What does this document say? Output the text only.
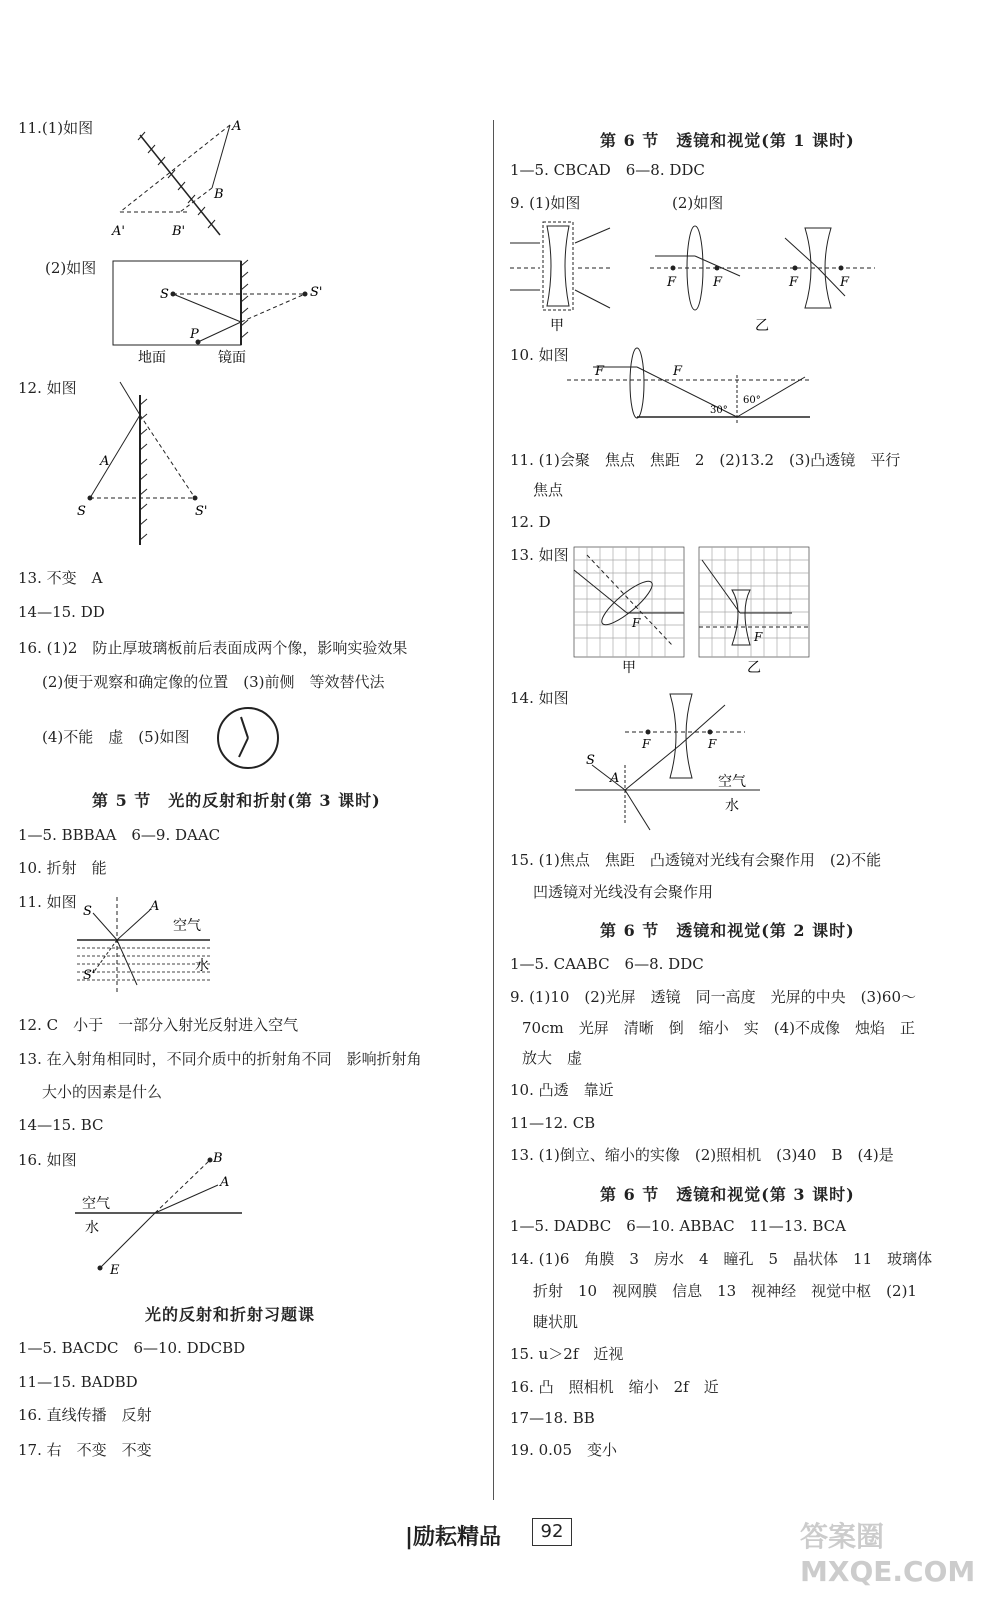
11.(1)如图	A
B
A'	B'
(2)如图
S	S'
P
地面	镜面
12. 如图
A
S	S'
13. 不变　A
14—15. DD
16. (1)2　防止厚玻璃板前后表面成两个像，影响实验效果
(2)便于观察和确定像的位置　(3)前侧　等效替代法
(4)不能　虚　(5)如图
第 5 节　光的反射和折射(第 3 课时)
1—5. BBBAA　6—9. DAAC
10. 折射　能
11. 如图
S	A
S'
空气
水
12. C　小于　一部分入射光反射进入空气
13. 在入射角相同时，不同介质中的折射角不同　影响折射角
大小的因素是什么
14—15. BC
16. 如图	B
A
E
空气
水
光的反射和折射习题课
1—5. BACDC　6—10. DDCBD
11—15. BADBD
16. 直线传播　反射
17. 右　不变　不变
第 6 节　透镜和视觉(第 1 课时)
1—5. CBCAD　6—8. DDC
9. (1)如图	(2)如图
甲
F	F	F	F
乙
10. 如图
F	F
30°
60°
11. (1)会聚　焦点　焦距　2　(2)13.2　(3)凸透镜　平行
焦点
12. D
13. 如图
F
甲
F
乙
14. 如图
F	F
S
A	空气
水
15. (1)焦点　焦距　凸透镜对光线有会聚作用　(2)不能
凹透镜对光线没有会聚作用
第 6 节　透镜和视觉(第 2 课时)
1—5. CAABC　6—8. DDC
9. (1)10　(2)光屏　透镜　同一高度　光屏的中央　(3)60～
70cm　光屏　清晰　倒　缩小　实　(4)不成像　烛焰　正
放大　虚
10. 凸透　靠近
11—12. CB
13. (1)倒立、缩小的实像　(2)照相机　(3)40　B　(4)是
第 6 节　透镜和视觉(第 3 课时)
1—5. DADBC　6—10. ABBAC　11—13. BCA
14. (1)6　角膜　3　房水　4　瞳孔　5　晶状体　11　玻璃体
折射　10　视网膜　信息　13　视神经　视觉中枢　(2)1
睫状肌
15. u＞2f　近视
16. 凸　照相机　缩小　2f　近
17—18. BB
19. 0.05　变小
|励耘精品	92	答案圈 MXQE.COM
